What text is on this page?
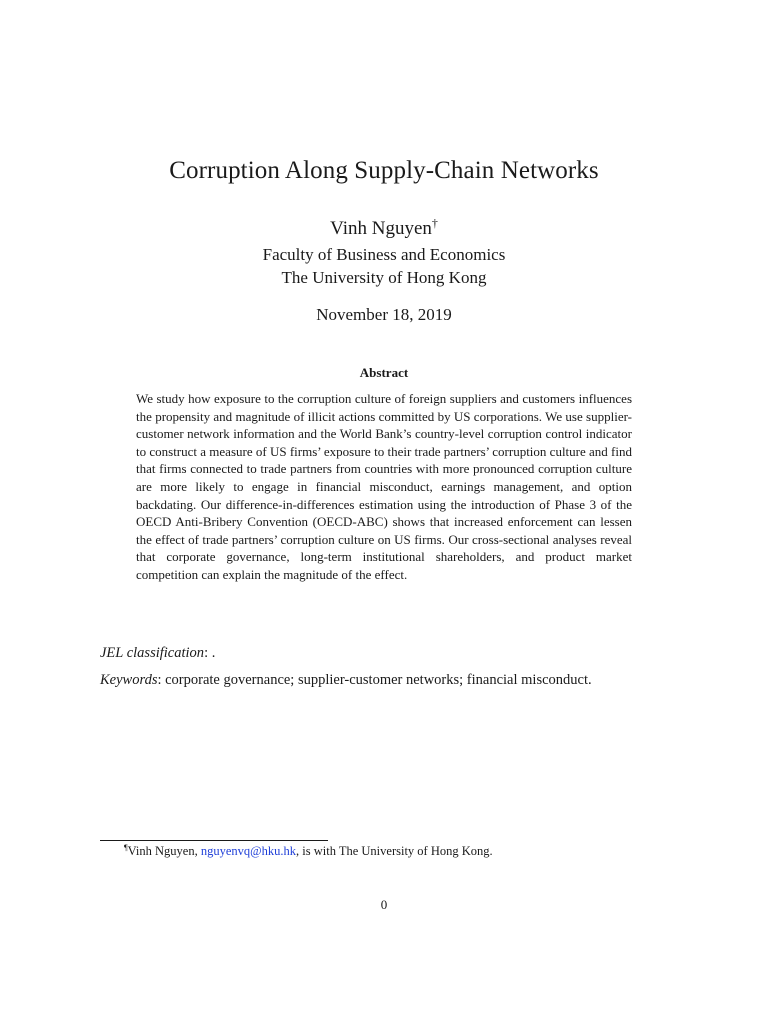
Corruption Along Supply-Chain Networks
Vinh Nguyen†
Faculty of Business and Economics
The University of Hong Kong
November 18, 2019
Abstract

We study how exposure to the corruption culture of foreign suppliers and customers influences the propensity and magnitude of illicit actions committed by US corporations. We use supplier-customer network information and the World Bank’s country-level corruption control indicator to construct a measure of US firms’ exposure to their trade partners’ corruption culture and find that firms connected to trade partners from countries with more pronounced corruption culture are more likely to engage in financial misconduct, earnings management, and option backdating. Our difference-in-differences estimation using the introduction of Phase 3 of the OECD Anti-Bribery Convention (OECD-ABC) shows that increased enforcement can lessen the effect of trade partners’ corruption culture on US firms. Our cross-sectional analyses reveal that corporate governance, long-term institutional shareholders, and product market competition can explain the magnitude of the effect.

JEL classification: .
Keywords: corporate governance; supplier-customer networks; financial misconduct.
¶Vinh Nguyen, nguyenvq@hku.hk, is with The University of Hong Kong.
0
